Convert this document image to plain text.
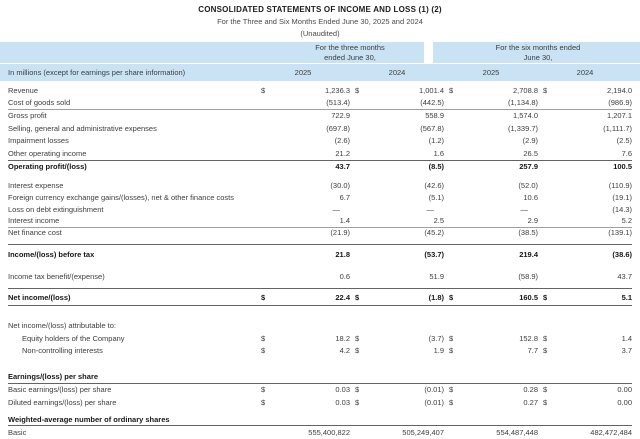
CONSOLIDATED STATEMENTS OF INCOME AND LOSS (1) (2)
For the Three and Six Months Ended June 30, 2025 and 2024
(Unaudited)
For the three months
ended June 30,
For the six months ended
June 30,
In millions (except for earnings per share information)	2025	2024	2025	2024
Revenue	$	1,236.3 $	1,001.4 $	2,708.8 $	2,194.0
Cost of goods sold	(513.4)	(442.5)	(1,134.8)	(986.9)
Gross profit	722.9	558.9	1,574.0	1,207.1
Selling, general and administrative expenses	(697.8)	(567.8)	(1,339.7)	(1,111.7)
Impairment losses	(2.6)	(1.2)	(2.9)	(2.5)
Other operating income	21.2	1.6	26.5	7.6
Operating profit/(loss)	43.7	(8.5)	257.9	100.5
Interest expense	(30.0)	(42.6)	(52.0)	(110.9)
Foreign currency exchange gains/(losses), net & other finance costs	6.7	(5.1)	10.6	(19.1)
Loss on debt extinguishment	—	—	—	(14.3)
Interest income	1.4	2.5	2.9	5.2
Net finance cost	(21.9)	(45.2)	(38.5)	(139.1)
Income/(loss) before tax	21.8	(53.7)	219.4	(38.6)
Income tax benefit/(expense)	0.6	51.9	(58.9)	43.7
Net income/(loss)	$	22.4 $	(1.8) $	160.5 $	5.1
Net income/(loss) attributable to:
Equity holders of the Company	$	18.2 $	(3.7) $	152.8 $	1.4
Non-controlling interests	$	4.2 $	1.9 $	7.7 $	3.7
Earnings/(loss) per share
Basic earnings/(loss) per share	$	0.03 $	(0.01) $	0.28 $	0.00
Diluted earnings/(loss) per share	$	0.03 $	(0.01) $	0.27 $	0.00
Weighted-average number of ordinary shares
Basic	555,400,822	505,249,407	554,487,448	482,472,484
